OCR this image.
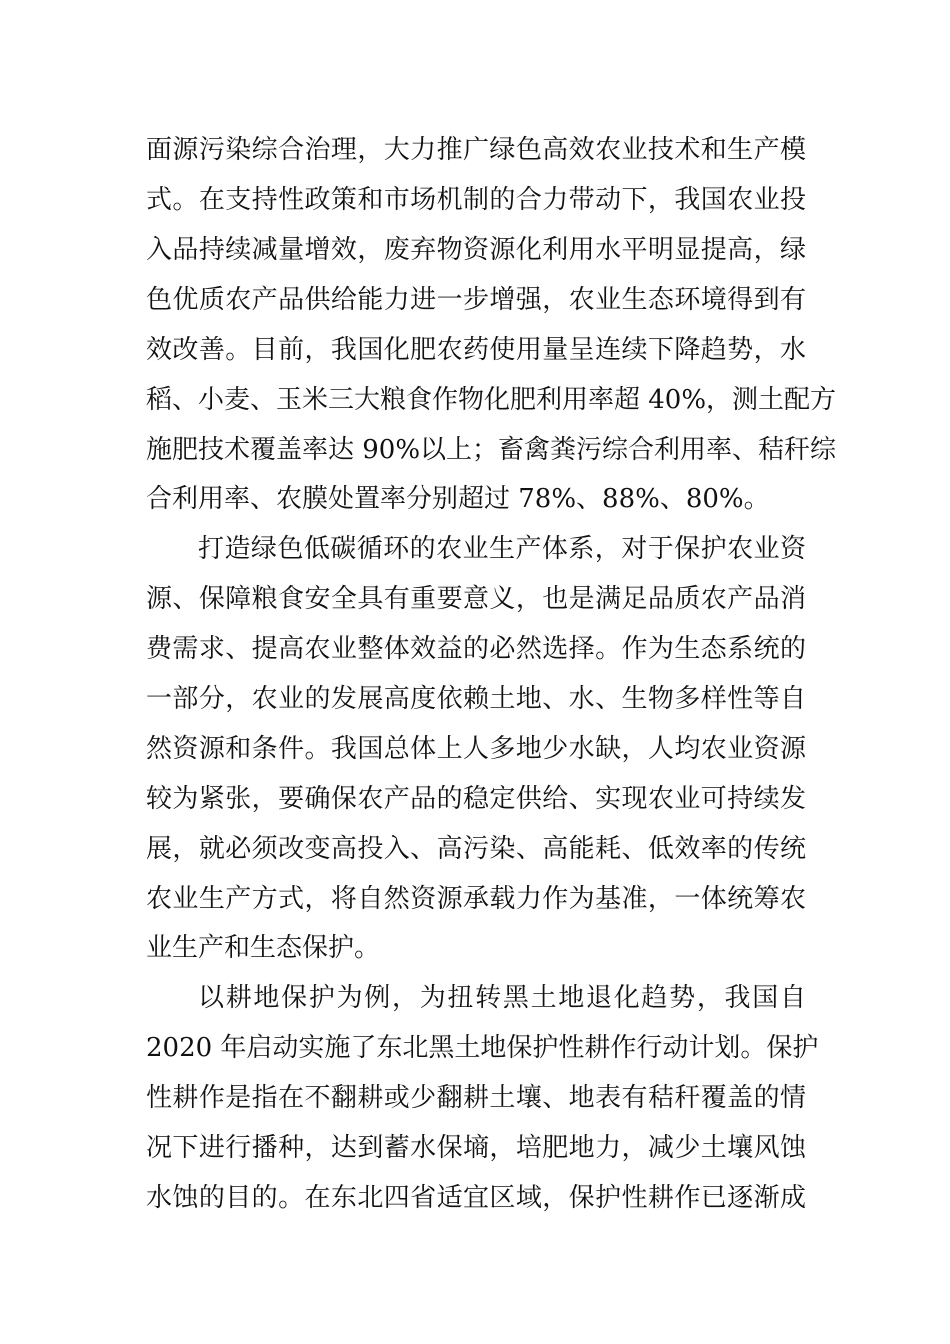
面源污染综合治理，大力推广绿色高效农业技术和生产模

式。在支持性政策和市场机制的合力带动下，我国农业投

入品持续减量增效，废弃物资源化利用水平明显提高，绿

色优质农产品供给能力进一步增强，农业生态环境得到有

效改善。目前，我国化肥农药使用量呈连续下降趋势，水

稻、小麦、玉米三大粮食作物化肥利用率超 40%，测土配方

施肥技术覆盖率达 90%以上；畜禽粪污综合利用率、秸秆综

合利用率、农膜处置率分别超过 78%、88%、80%。

打造绿色低碳循环的农业生产体系，对于保护农业资

源、保障粮食安全具有重要意义，也是满足品质农产品消

费需求、提高农业整体效益的必然选择。作为生态系统的

一部分，农业的发展高度依赖土地、水、生物多样性等自

然资源和条件。我国总体上人多地少水缺，人均农业资源

较为紧张，要确保农产品的稳定供给、实现农业可持续发

展，就必须改变高投入、高污染、高能耗、低效率的传统

农业生产方式，将自然资源承载力作为基准，一体统筹农

业生产和生态保护。

以耕地保护为例，为扭转黑土地退化趋势，我国自

2020 年启动实施了东北黑土地保护性耕作行动计划。保护

性耕作是指在不翻耕或少翻耕土壤、地表有秸秆覆盖的情

况下进行播种，达到蓄水保墒，培肥地力，减少土壤风蚀

水蚀的目的。在东北四省适宜区域，保护性耕作已逐渐成
